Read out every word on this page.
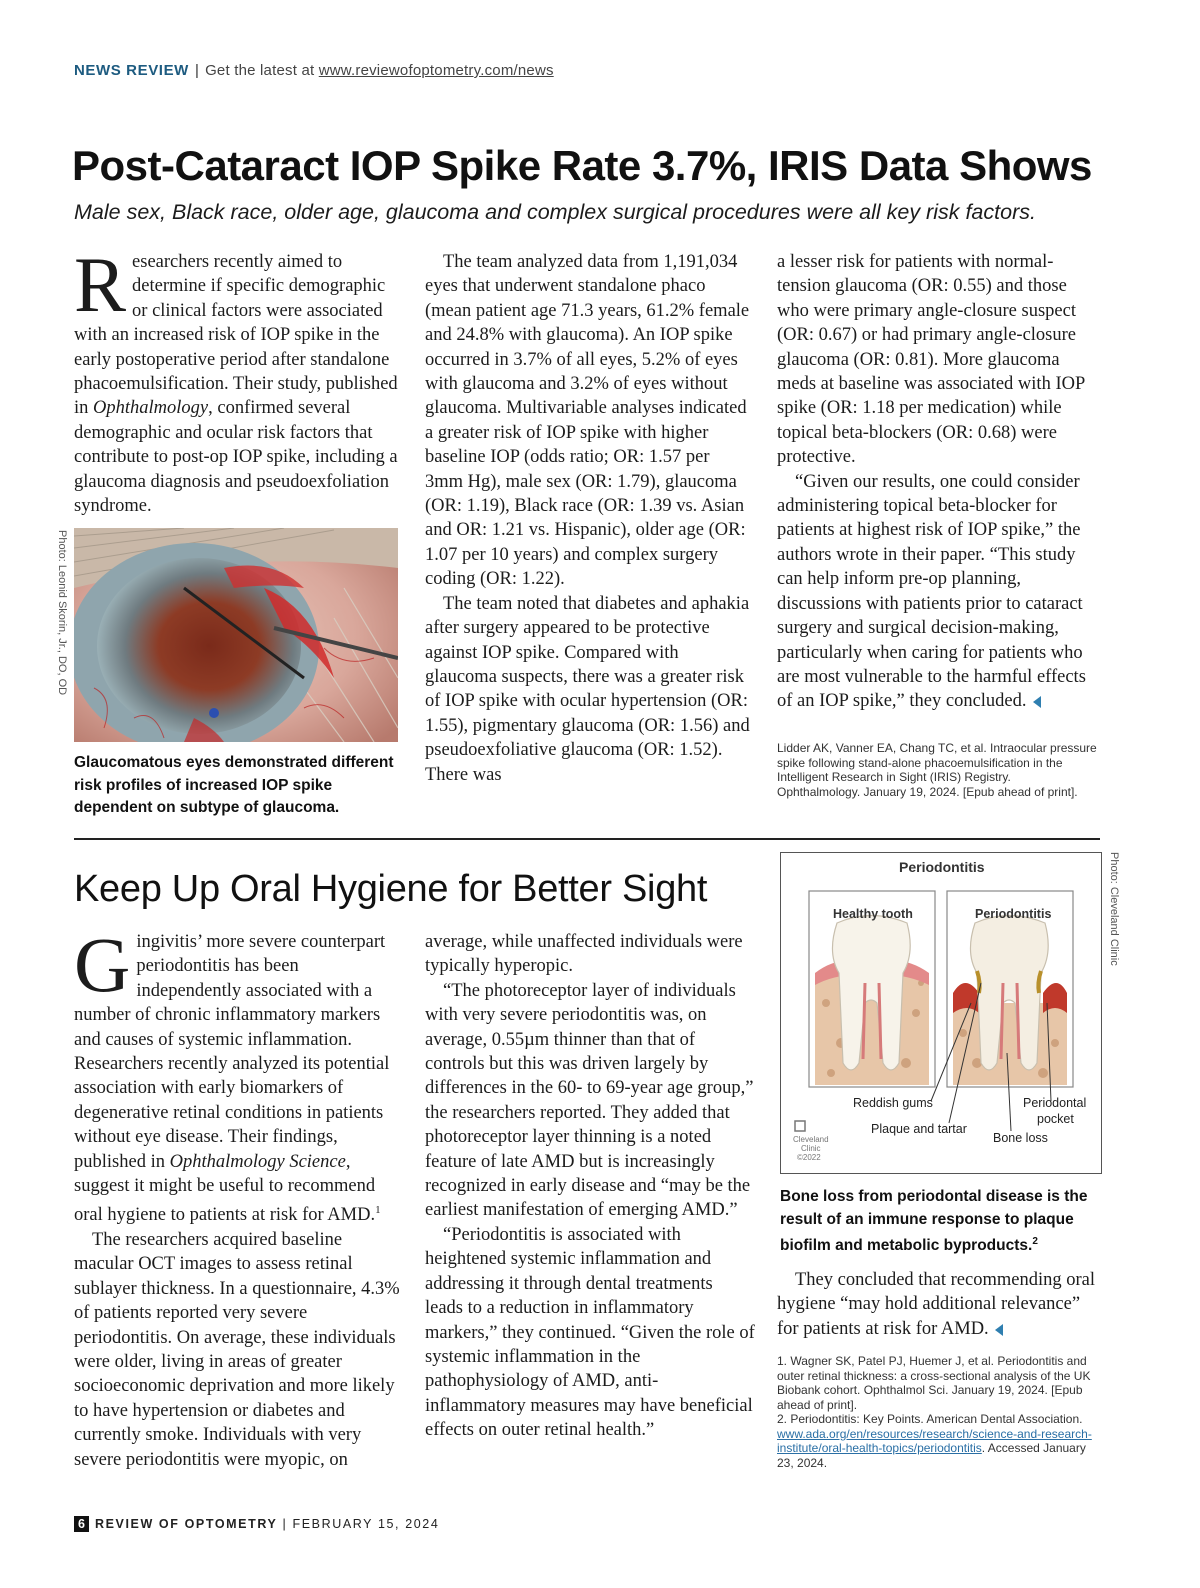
NEWS REVIEW | Get the latest at www.reviewofoptometry.com/news
Post-Cataract IOP Spike Rate 3.7%, IRIS Data Shows
Male sex, Black race, older age, glaucoma and complex surgical procedures were all key risk factors.

Researchers recently aimed to determine if specific demographic or clinical factors were associated with an increased risk of IOP spike in the early postoperative period after standalone phacoemulsification. Their study, published in Ophthalmology, confirmed several demographic and ocular risk factors that contribute to post-op IOP spike, including a glaucoma diagnosis and pseudoexfoliation syndrome.

Photo: Leonid Skorin, Jr., DO, OD
Glaucomatous eyes demonstrated different risk profiles of increased IOP spike dependent on subtype of glaucoma.

The team analyzed data from 1,191,034 eyes that underwent standalone phaco (mean patient age 71.3 years, 61.2% female and 24.8% with glaucoma). An IOP spike occurred in 3.7% of all eyes, 5.2% of eyes with glaucoma and 3.2% of eyes without glaucoma. Multivariable analyses indicated a greater risk of IOP spike with higher baseline IOP (odds ratio; OR: 1.57 per 3mm Hg), male sex (OR: 1.79), glaucoma (OR: 1.19), Black race (OR: 1.39 vs. Asian and OR: 1.21 vs. Hispanic), older age (OR: 1.07 per 10 years) and complex surgery coding (OR: 1.22).

The team noted that diabetes and aphakia after surgery appeared to be protective against IOP spike. Compared with glaucoma suspects, there was a greater risk of IOP spike with ocular hypertension (OR: 1.55), pigmentary glaucoma (OR: 1.56) and pseudoexfoliative glaucoma (OR: 1.52). There was

a lesser risk for patients with normal-tension glaucoma (OR: 0.55) and those who were primary angle-closure suspect (OR: 0.67) or had primary angle-closure glaucoma (OR: 0.81). More glaucoma meds at baseline was associated with IOP spike (OR: 1.18 per medication) while topical beta-blockers (OR: 0.68) were protective.

“Given our results, one could consider administering topical beta-blocker for patients at highest risk of IOP spike,” the authors wrote in their paper. “This study can help inform pre-op planning, discussions with patients prior to cataract surgery and surgical decision-making, particularly when caring for patients who are most vulnerable to the harmful effects of an IOP spike,” they concluded.

Lidder AK, Vanner EA, Chang TC, et al. Intraocular pressure spike following stand-alone phacoemulsification in the Intelligent Research in Sight (IRIS) Registry. Ophthalmology. January 19, 2024. [Epub ahead of print].
Keep Up Oral Hygiene for Better Sight

Gingivitis’ more severe counterpart periodontitis has been independently associated with a number of chronic inflammatory markers and causes of systemic inflammation. Researchers recently analyzed its potential association with early biomarkers of degenerative retinal conditions in patients without eye disease. Their findings, published in Ophthalmology Science, suggest it might be useful to recommend oral hygiene to patients at risk for AMD.$^1$

The researchers acquired baseline macular OCT images to assess retinal sublayer thickness. In a questionnaire, 4.3% of patients reported very severe periodontitis. On average, these individuals were older, living in areas of greater socioeconomic deprivation and more likely to have hypertension or diabetes and currently smoke. Individuals with very severe periodontitis were myopic, on

average, while unaffected individuals were typically hyperopic.

“The photoreceptor layer of individuals with very severe periodontitis was, on average, 0.55µm thinner than that of controls but this was driven largely by differences in the 60- to 69-year age group,” the researchers reported. They added that photoreceptor layer thinning is a noted feature of late AMD but is increasingly recognized in early disease and “may be the earliest manifestation of emerging AMD.”

“Periodontitis is associated with heightened systemic inflammation and addressing it through dental treatments leads to a reduction in inflammatory markers,” they continued. “Given the role of systemic inflammation in the pathophysiology of AMD, anti-inflammatory measures may have beneficial effects on outer retinal health.”

Periodontitis
Healthy tooth	Periodontitis
Reddish gums
Plaque and tartar
Periodontal
pocket
Bone loss
Cleveland
Clinic
©2022
Photo: Cleveland Clinic
Bone loss from periodontal disease is the result of an immune response to plaque biofilm and metabolic byproducts.$^2$

They concluded that recommending oral hygiene “may hold additional relevance” for patients at risk for AMD.

1. Wagner SK, Patel PJ, Huemer J, et al. Periodontitis and outer retinal thickness: a cross-sectional analysis of the UK Biobank cohort. Ophthalmol Sci. January 19, 2024. [Epub ahead of print].
2. Periodontitis: Key Points. American Dental Association. www.ada.org/en/resources/research/science-and-research-institute/oral-health-topics/periodontitis. Accessed January 23, 2024.
6 REVIEW OF OPTOMETRY | FEBRUARY 15, 2024
